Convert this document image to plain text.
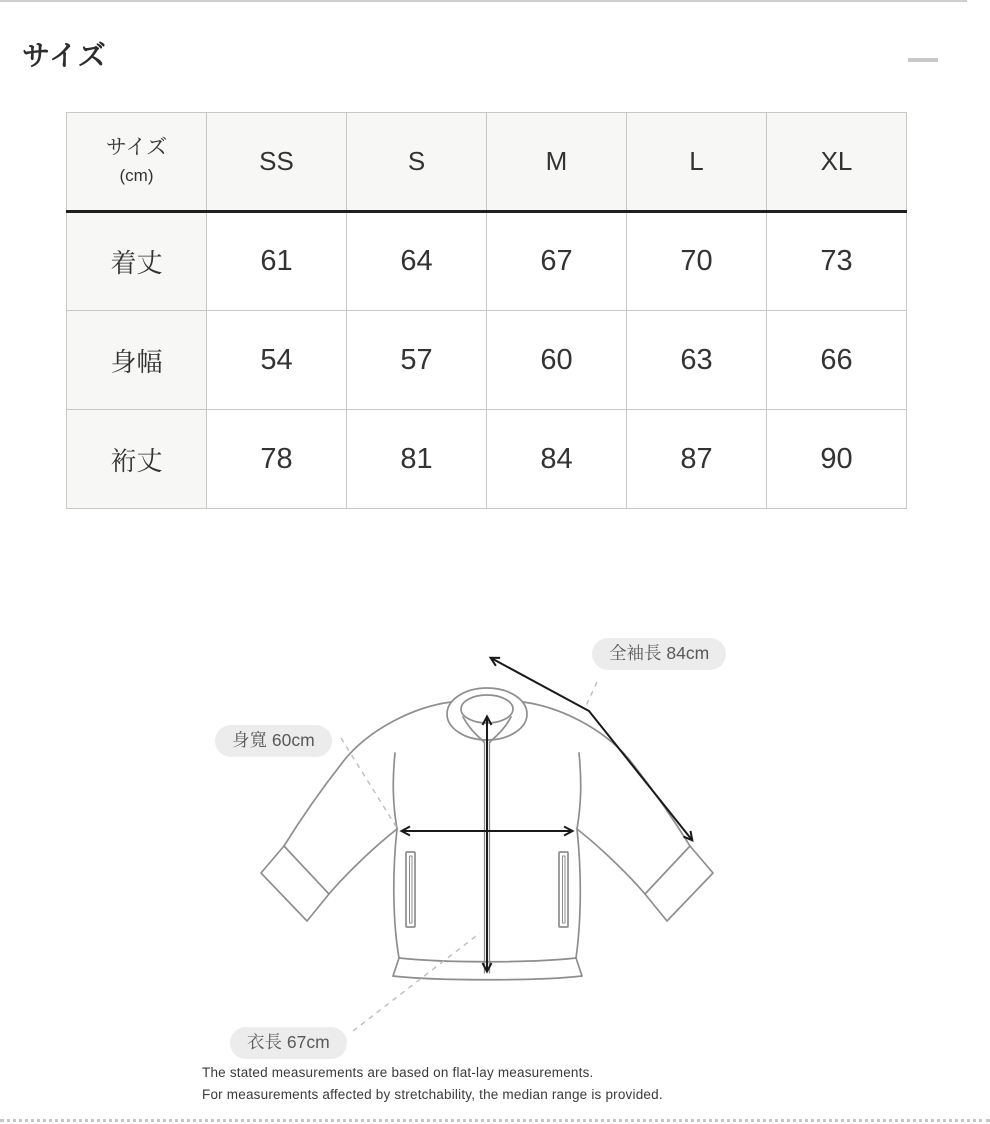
サイズ
サイズ
(cm)	SS	S	M	L	XL
着丈	61	64	67	70	73
身幅	54	57	60	63	66
裄丈	78	81	84	87	90
全袖長 84cm
身寬 60cm
衣長 67cm
The stated measurements are based on flat-lay measurements.
For measurements affected by stretchability, the median range is provided.
